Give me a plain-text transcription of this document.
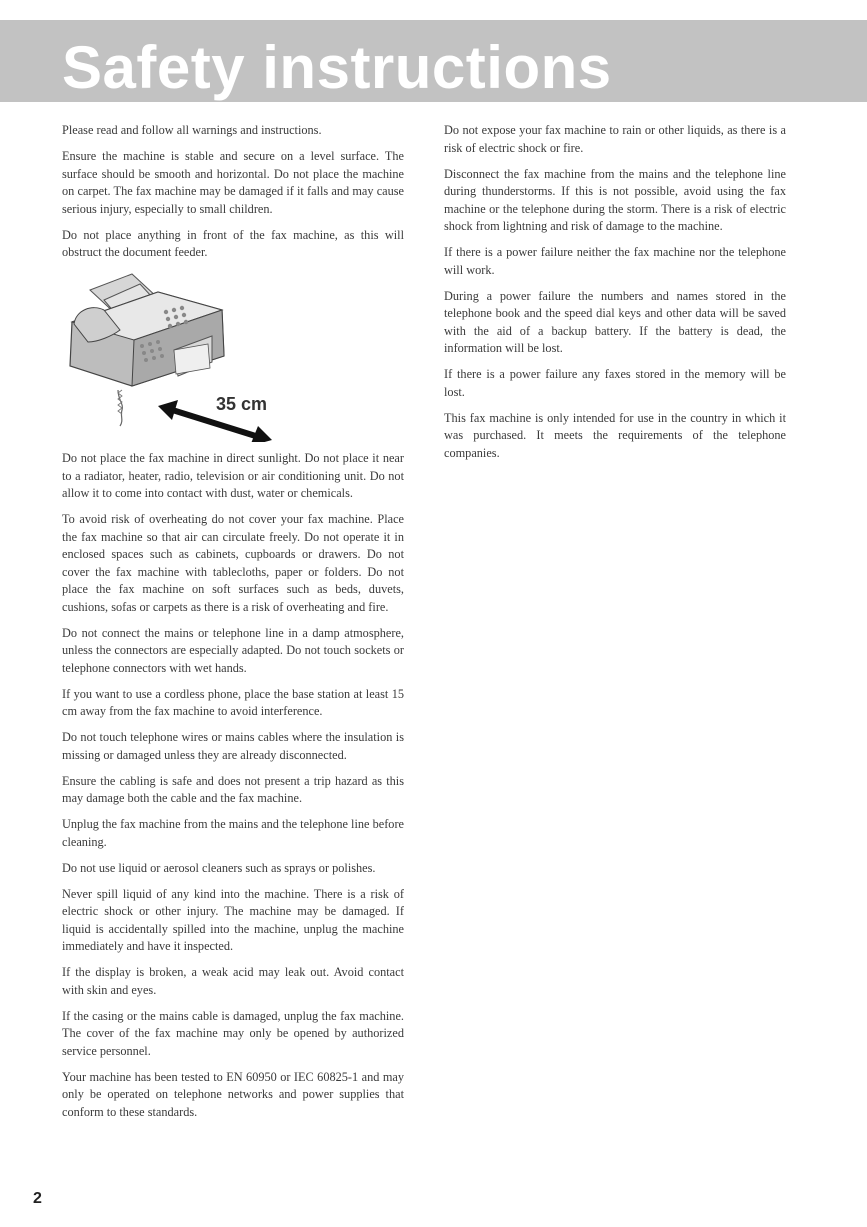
Safety instructions

Please read and follow all warnings and instructions.

Ensure the machine is stable and secure on a level surface. The surface should be smooth and horizontal. Do not place the machine on carpet. The fax machine may be damaged if it falls and may cause serious injury, especially to small children.

Do not place anything in front of the fax machine, as this will obstruct the document feeder.

35 cm

Do not place the fax machine in direct sunlight. Do not place it near to a radiator, heater, radio, television or air conditioning unit. Do not allow it to come into contact with dust, water or chemicals.

To avoid risk of overheating do not cover your fax machine. Place the fax machine so that air can circulate freely. Do not operate it in enclosed spaces such as cabinets, cupboards or drawers. Do not cover the fax machine with tablecloths, paper or folders. Do not place the fax machine on soft surfaces such as beds, duvets, cushions, sofas or carpets as there is a risk of overheating and fire.

Do not connect the mains or telephone line in a damp atmosphere, unless the connectors are especially adapted. Do not touch sockets or telephone connectors with wet hands.

If you want to use a cordless phone, place the base station at least 15 cm away from the fax machine to avoid interference.

Do not touch telephone wires or mains cables where the insulation is missing or damaged unless they are already disconnected.

Ensure the cabling is safe and does not present a trip hazard as this may damage both the cable and the fax machine.

Unplug the fax machine from the mains and the telephone line before cleaning.

Do not use liquid or aerosol cleaners such as sprays or polishes.

Never spill liquid of any kind into the machine. There is a risk of electric shock or other injury. The machine may be damaged. If liquid is accidentally spilled into the machine, unplug the machine immediately and have it inspected.

If the display is broken, a weak acid may leak out. Avoid contact with skin and eyes.

If the casing or the mains cable is damaged, unplug the fax machine. The cover of the fax machine may only be opened by authorized service personnel.

Your machine has been tested to EN 60950 or IEC 60825-1 and may only be operated on telephone networks and power supplies that conform to these standards.

Do not expose your fax machine to rain or other liquids, as there is a risk of electric shock or fire.

Disconnect the fax machine from the mains and the telephone line during thunderstorms. If this is not possible, avoid using the fax machine or the telephone during the storm. There is a risk of electric shock from lightning and risk of damage to the machine.

If there is a power failure neither the fax machine nor the telephone will work.

During a power failure the numbers and names stored in the telephone book and the speed dial keys and other data will be saved with the aid of a backup battery. If the battery is dead, the information will be lost.

If there is a power failure any faxes stored in the memory will be lost.

This fax machine is only intended for use in the country in which it was purchased. It meets the requirements of the telephone companies.

2
